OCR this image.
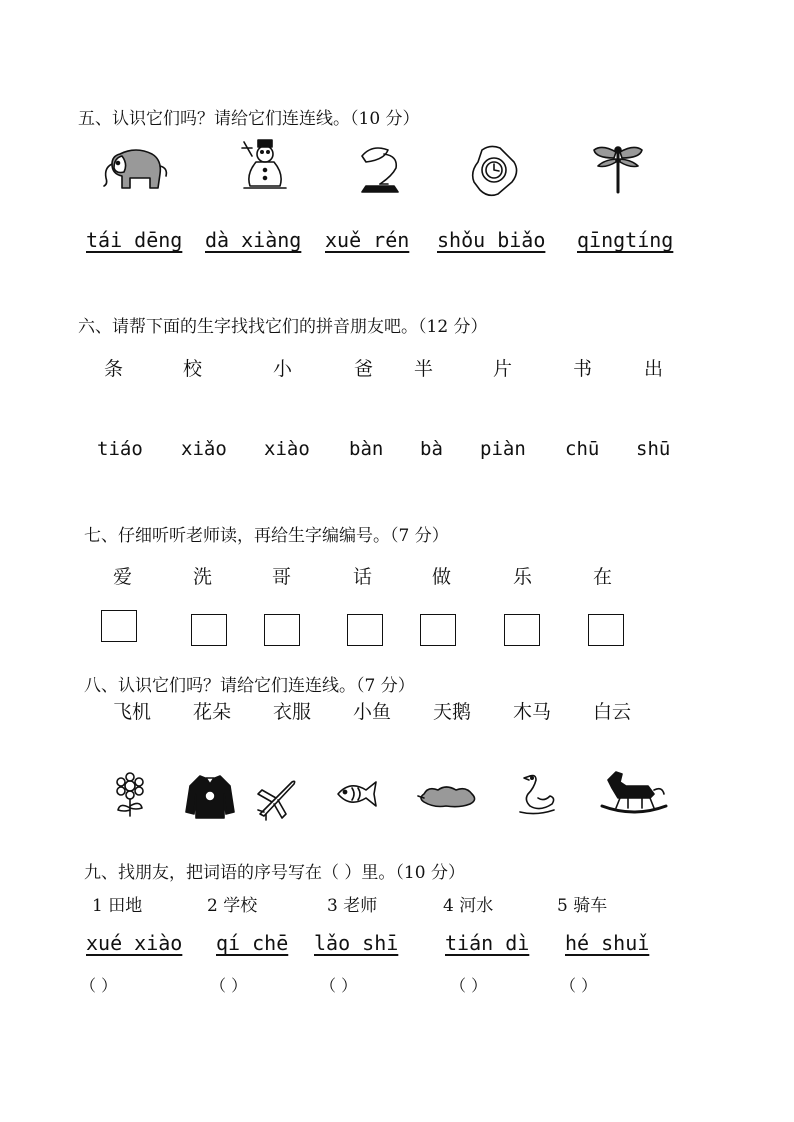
五、认识它们吗？请给它们连连线。（10 分）
tái dēng dà xiàng xuě rén shǒu biǎo qīngtíng
六、请帮下面的生字找找它们的拼音朋友吧。（12 分）
条	校	小	爸 半	片	书	出
tiáo xiǎo xiào bàn bà piàn chū shū
七、仔细听听老师读，再给生字编编号。（7 分）
爱	洗	哥	话	做	乐	在
八、认识它们吗？请给它们连连线。（7 分）
飞机 花朵 衣服 小鱼 天鹅 木马 白云
九、找朋友，把词语的序号写在（ ）里。（10 分）
1 田地	2 学校	3 老师	4 河水	5 骑车
xué xiào qí chē lǎo shī tián dì hé shuǐ
（ ）	（ ）	（ ）	（ ）	（ ）
